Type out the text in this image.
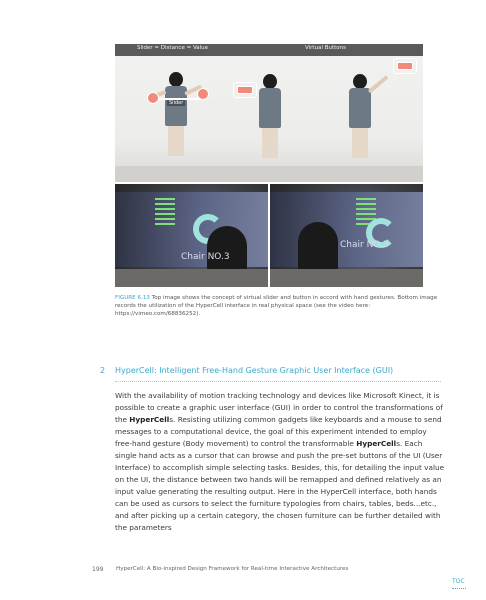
Slider = Distance = Value	Virtual Buttons
Slider
Chair NO.3
Chair NO.3
FIGURE 6.13 Top image shows the concept of virtual slider and button in accord with hand gestures. Bottom image records the utilization of the HyperCell interface in real physical space (see the video here: https://vimeo.com/68836252).
2 HyperCell: Intelligent Free-Hand Gesture Graphic User Interface (GUI)

With the availability of motion tracking technology and devices like Microsoft Kinect, it is possible to create a graphic user interface (GUI) in order to control the transformations of the HyperCells. Resisting utilizing common gadgets like keyboards and a mouse to send messages to a computational device, the goal of this experiment intended to employ free-hand gesture (Body movement) to control the transformable HyperCells. Each single hand acts as a cursor that can browse and push the pre-set buttons of the UI (User Interface) to accomplish simple selecting tasks. Besides, this, for detailing the input value on the UI, the distance between two hands will be remapped and defined relatively as an input value generating the resulting output. Here in the HyperCell interface, both hands can be used as cursors to select the furniture typologies from chairs, tables, beds...etc., and after picking up a certain category, the chosen furniture can be further detailed with the parameters

199 HyperCell: A Bio-inspired Design Framework for Real-time Interactive Architectures
TOC
